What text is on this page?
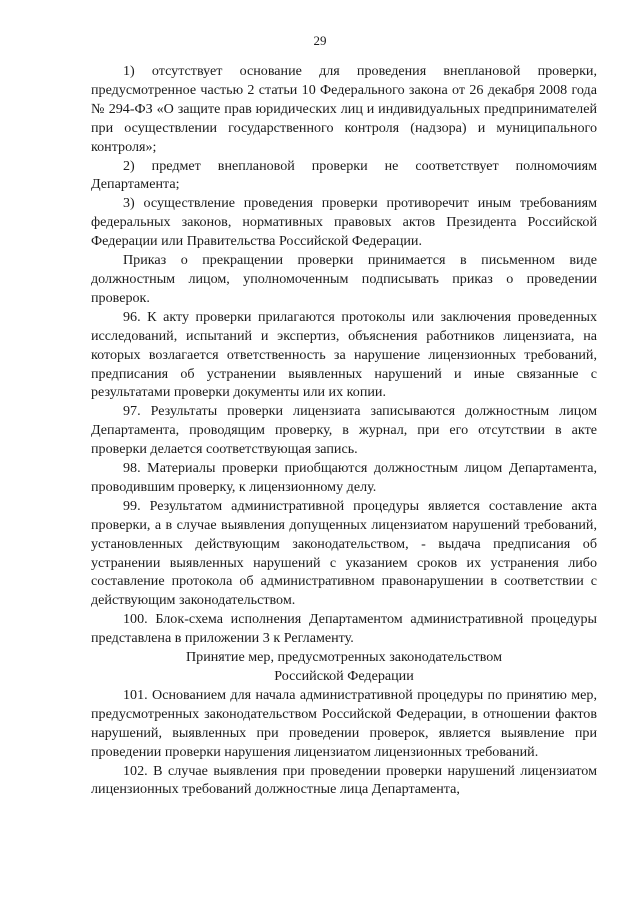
29

1) отсутствует основание для проведения внеплановой проверки, предусмотренное частью 2 статьи 10 Федерального закона от 26 декабря 2008 года № 294-ФЗ «О защите прав юридических лиц и индивидуальных предпринимателей при осуществлении государственного контроля (надзора) и муниципального контроля»;

2) предмет внеплановой проверки не соответствует полномочиям Департамента;

3) осуществление проведения проверки противоречит иным требованиям федеральных законов, нормативных правовых актов Президента Российской Федерации или Правительства Российской Федерации.

Приказ о прекращении проверки принимается в письменном виде должностным лицом, уполномоченным подписывать приказ о проведении проверок.

96. К акту проверки прилагаются протоколы или заключения проведенных исследований, испытаний и экспертиз, объяснения работников лицензиата, на которых возлагается ответственность за нарушение лицензионных требований, предписания об устранении выявленных нарушений и иные связанные с результатами проверки документы или их копии.

97. Результаты проверки лицензиата записываются должностным лицом Департамента, проводящим проверку, в журнал, при его отсутствии в акте проверки делается соответствующая запись.

98. Материалы проверки приобщаются должностным лицом Департамента, проводившим проверку, к лицензионному делу.

99. Результатом административной процедуры является составление акта проверки, а в случае выявления допущенных лицензиатом нарушений требований, установленных действующим законодательством, - выдача предписания об устранении выявленных нарушений с указанием сроков их устранения либо составление протокола об административном правонарушении в соответствии с действующим законодательством.

100. Блок-схема исполнения Департаментом административной процедуры представлена в приложении 3 к Регламенту.

Принятие мер, предусмотренных законодательством Российской Федерации

101. Основанием для начала административной процедуры по принятию мер, предусмотренных законодательством Российской Федерации, в отношении фактов нарушений, выявленных при проведении проверок, является выявление при проведении проверки нарушения лицензиатом лицензионных требований.

102. В случае выявления при проведении проверки нарушений лицензиатом лицензионных требований должностные лица Департамента,
